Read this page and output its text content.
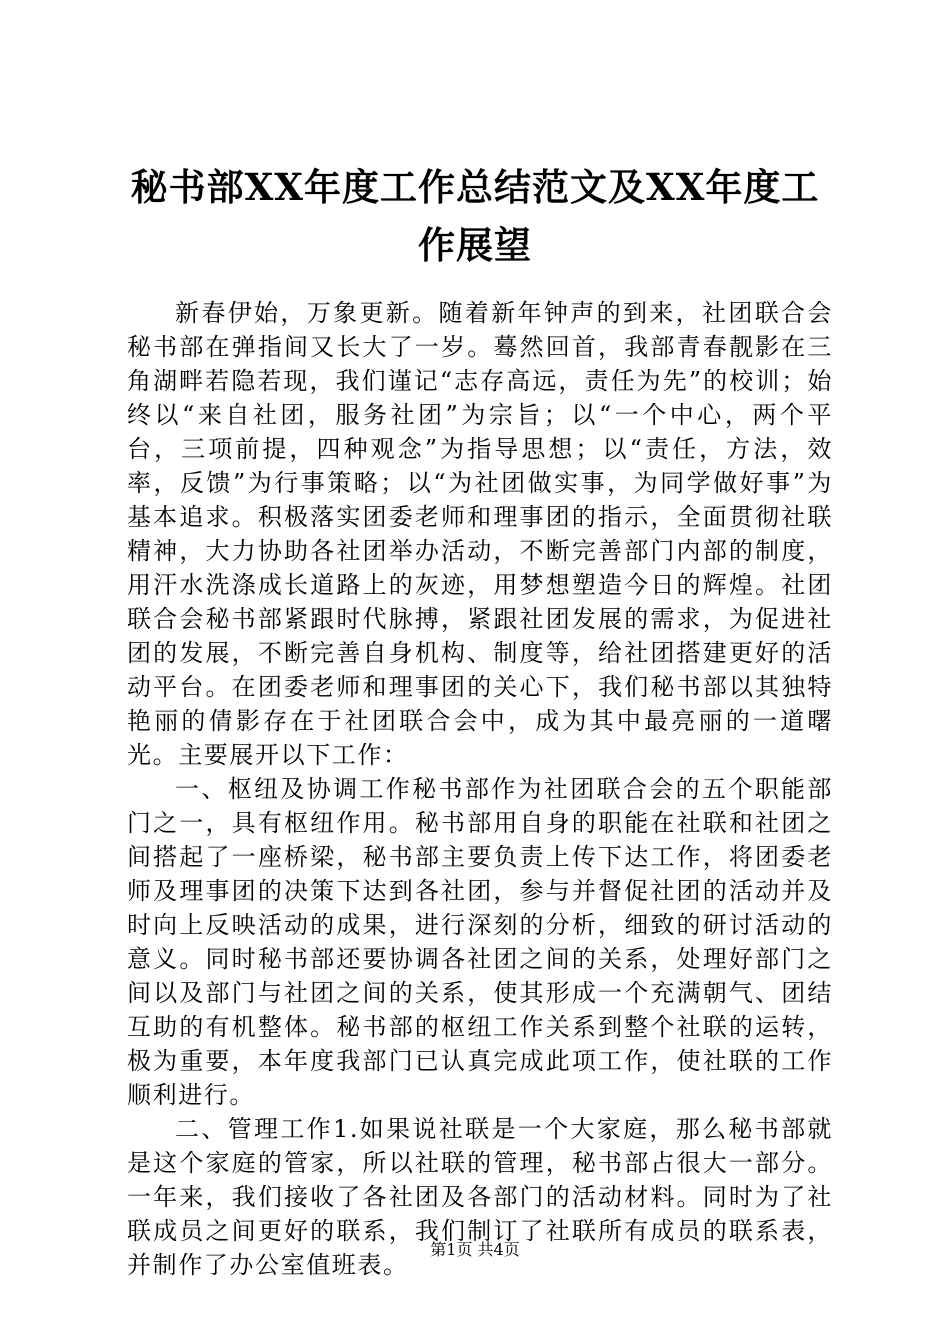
秘书部XX年度工作总结范文及XX年度工作展望

新春伊始，万象更新。随着新年钟声的到来，社团联合会秘书部在弹指间又长大了一岁。蓦然回首，我部青春靓影在三角湖畔若隐若现，我们谨记“志存高远，责任为先”的校训；始终以“来自社团，服务社团”为宗旨；以“一个中心，两个平台，三项前提，四种观念”为指导思想；以“责任，方法，效率，反馈”为行事策略；以“为社团做实事，为同学做好事”为基本追求。积极落实团委老师和理事团的指示，全面贯彻社联精神，大力协助各社团举办活动，不断完善部门内部的制度，用汗水洗涤成长道路上的灰迹，用梦想塑造今日的辉煌。社团联合会秘书部紧跟时代脉搏，紧跟社团发展的需求，为促进社团的发展，不断完善自身机构、制度等，给社团搭建更好的活动平台。在团委老师和理事团的关心下，我们秘书部以其独特艳丽的倩影存在于社团联合会中，成为其中最亮丽的一道曙光。主要展开以下工作：

一、枢纽及协调工作秘书部作为社团联合会的五个职能部门之一，具有枢纽作用。秘书部用自身的职能在社联和社团之间搭起了一座桥梁，秘书部主要负责上传下达工作，将团委老师及理事团的决策下达到各社团，参与并督促社团的活动并及时向上反映活动的成果，进行深刻的分析，细致的研讨活动的意义。同时秘书部还要协调各社团之间的关系，处理好部门之间以及部门与社团之间的关系，使其形成一个充满朝气、团结互助的有机整体。秘书部的枢纽工作关系到整个社联的运转，极为重要，本年度我部门已认真完成此项工作，使社联的工作顺利进行。

二、管理工作1.如果说社联是一个大家庭，那么秘书部就是这个家庭的管家，所以社联的管理，秘书部占很大一部分。一年来，我们接收了各社团及各部门的活动材料。同时为了社联成员之间更好的联系，我们制订了社联所有成员的联系表，并制作了办公室值班表。

第1页 共4页
